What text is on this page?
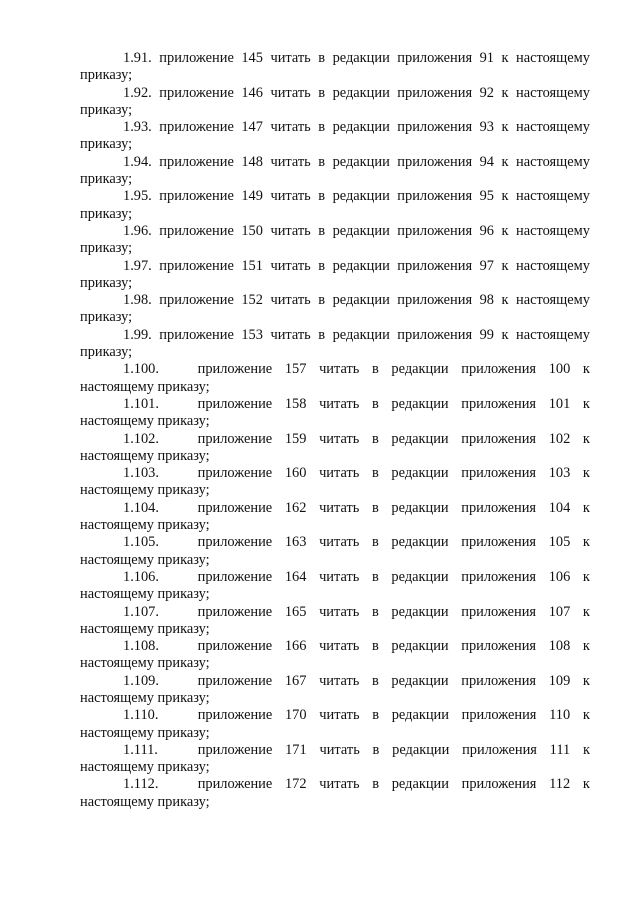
1.91. приложение 145 читать в редакции приложения 91 к настоящему
приказу;
1.92. приложение 146 читать в редакции приложения 92 к настоящему
приказу;
1.93. приложение 147 читать в редакции приложения 93 к настоящему
приказу;
1.94. приложение 148 читать в редакции приложения 94 к настоящему
приказу;
1.95. приложение 149 читать в редакции приложения 95 к настоящему
приказу;
1.96. приложение 150 читать в редакции приложения 96 к настоящему
приказу;
1.97. приложение 151 читать в редакции приложения 97 к настоящему
приказу;
1.98. приложение 152 читать в редакции приложения 98 к настоящему
приказу;
1.99. приложение 153 читать в редакции приложения 99 к настоящему
приказу;
1.100.	приложение 157 читать в редакции приложения 100 к
настоящему приказу;
1.101.	приложение 158 читать в редакции приложения 101 к
настоящему приказу;
1.102.	приложение 159 читать в редакции приложения 102 к
настоящему приказу;
1.103.	приложение 160 читать в редакции приложения 103 к
настоящему приказу;
1.104.	приложение 162 читать в редакции приложения 104 к
настоящему приказу;
1.105.	приложение 163 читать в редакции приложения 105 к
настоящему приказу;
1.106.	приложение 164 читать в редакции приложения 106 к
настоящему приказу;
1.107.	приложение 165 читать в редакции приложения 107 к
настоящему приказу;
1.108.	приложение 166 читать в редакции приложения 108 к
настоящему приказу;
1.109.	приложение 167 читать в редакции приложения 109 к
настоящему приказу;
1.110.	приложение 170 читать в редакции приложения 110 к
настоящему приказу;
1.111.	приложение 171 читать в редакции приложения 111 к
настоящему приказу;
1.112.	приложение 172 читать в редакции приложения 112 к
настоящему приказу;
